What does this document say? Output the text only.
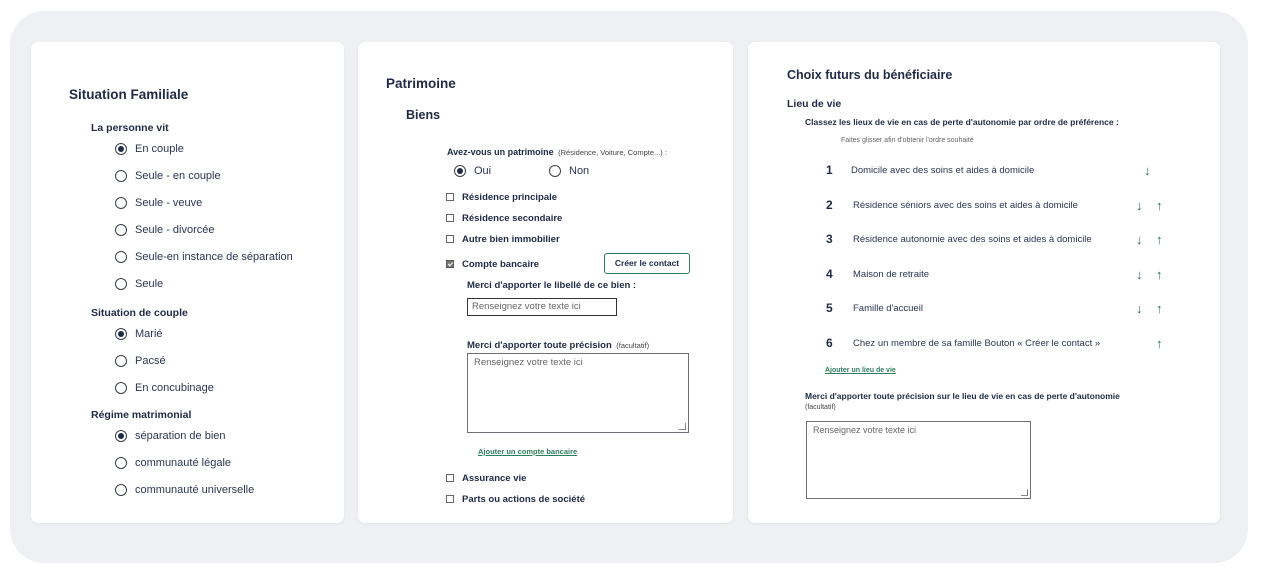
Situation Familiale
La personne vit
En couple
Seule - en couple
Seule - veuve
Seule - divorcée
Seule-en instance de séparation
Seule
Situation de couple
Marié
Pacsé
En concubinage
Régime matrimonial
séparation de bien
communauté légale
communauté universelle
Patrimoine
Biens
Avez-vous un patrimoine (Résidence, Voiture, Compte...) :
Oui	Non
Résidence principale
Résidence secondaire
Autre bien immobilier
Compte bancaire	Créer le contact
Merci d'apporter le libellé de ce bien :
Renseignez votre texte ici
Merci d'apporter toute précision (facultatif)
Renseignez votre texte ici
Ajouter un compte bancaire
Assurance vie
Parts ou actions de société
Choix futurs du bénéficiaire
Lieu de vie
Classez les lieux de vie en cas de perte d'autonomie par ordre de préférence :
Faites glisser afin d'obtenir l'ordre souhaité
1 Domicile avec des soins et aides à domicile	↓
2 Résidence séniors avec des soins et aides à domicile	↓ ↑
3 Résidence autonomie avec des soins et aides à domicile	↓ ↑
4 Maison de retraite	↓ ↑
5 Famille d'accueil	↓ ↑
6 Chez un membre de sa famille Bouton « Créer le contact »	↑
Ajouter un lieu de vie
Merci d'apporter toute précision sur le lieu de vie en cas de perte d'autonomie
(facultatif)
Renseignez votre texte ici
